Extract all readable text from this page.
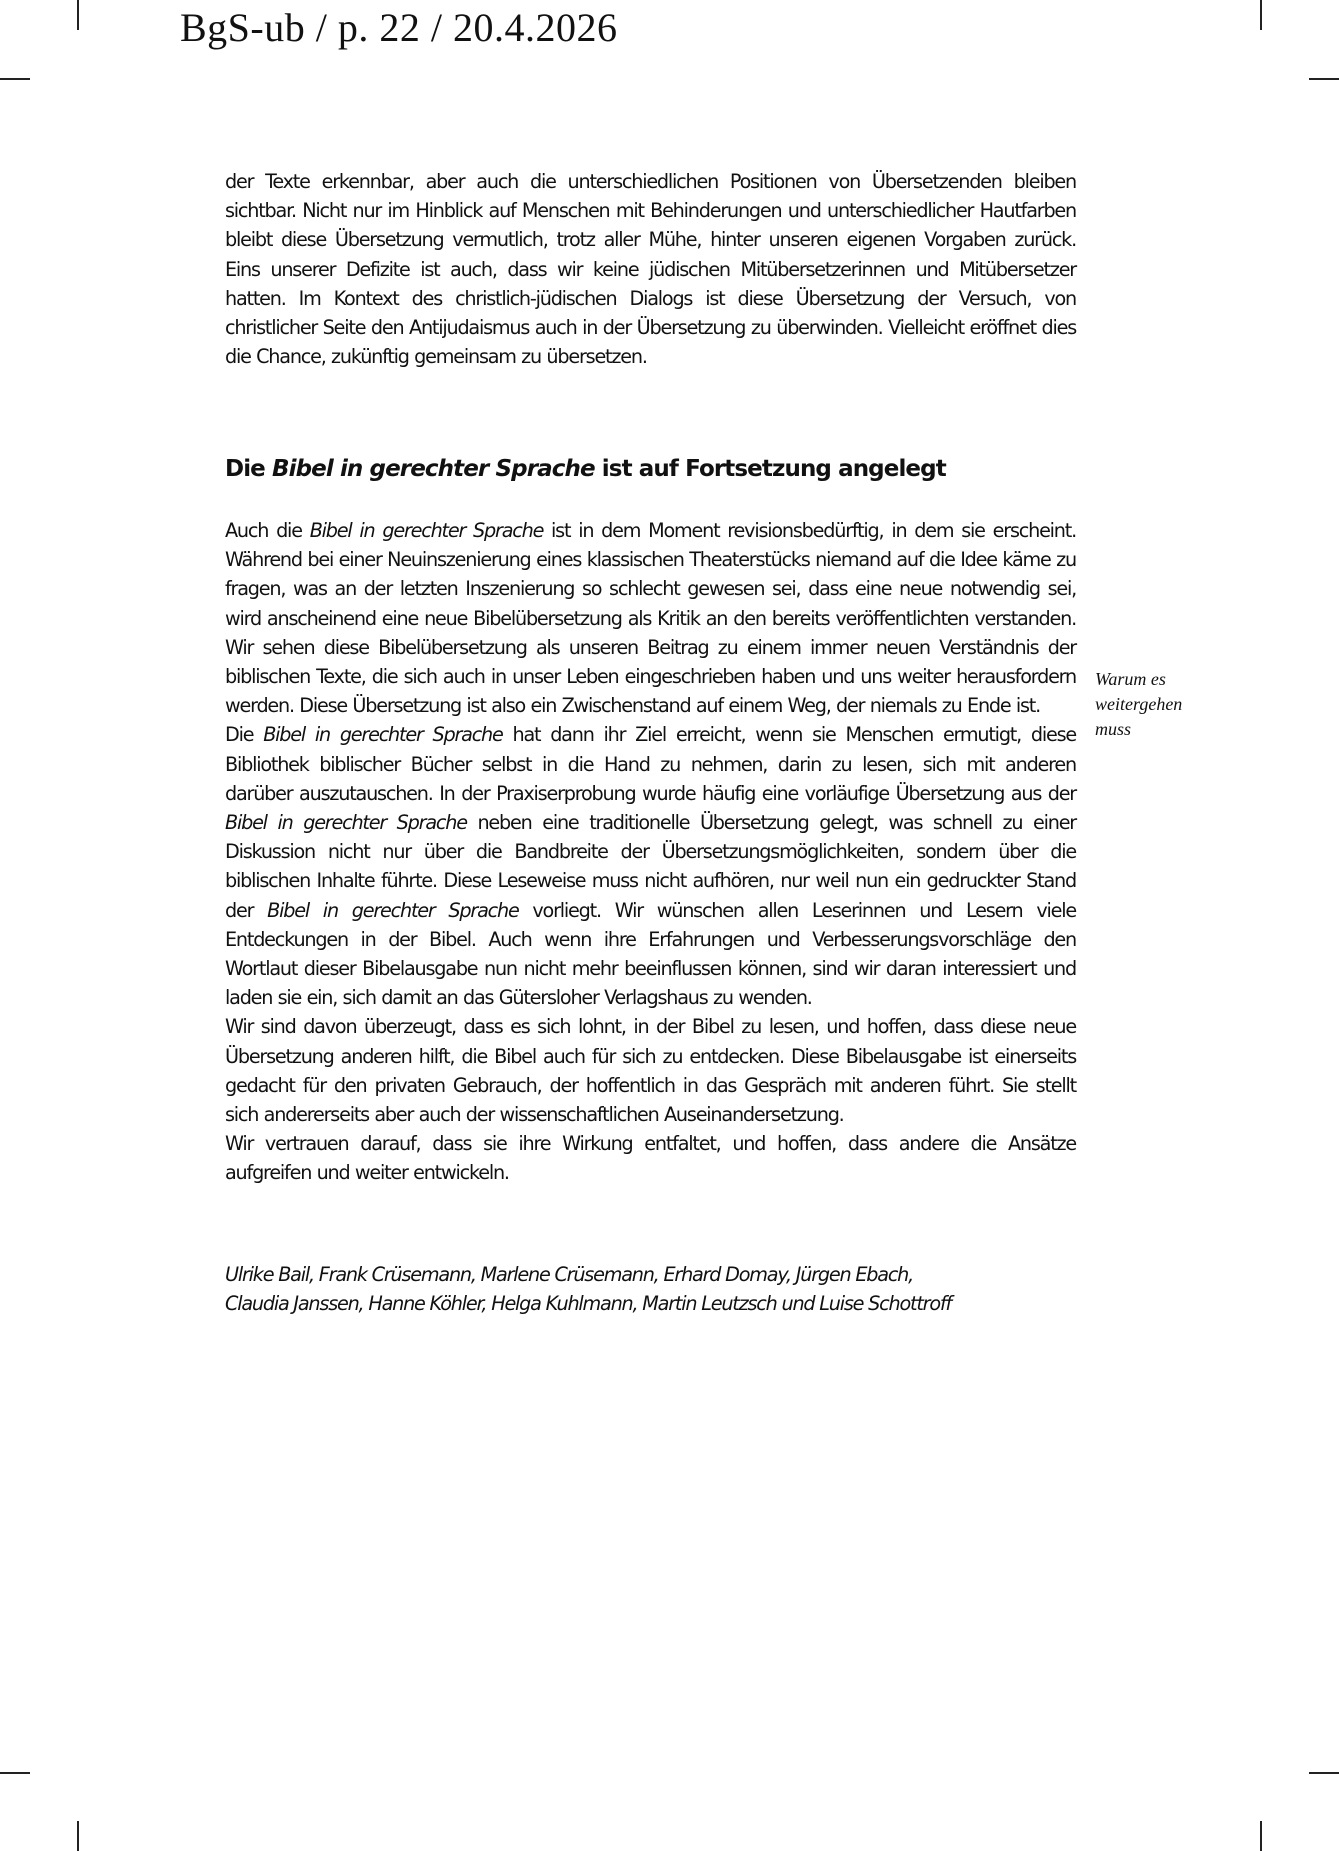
BgS-ub / p. 22 / 20.4.2026

der Texte erkennbar, aber auch die unterschiedlichen Positionen von Übersetzenden bleiben sichtbar. Nicht nur im Hinblick auf Menschen mit Behinderungen und unterschiedlicher Hautfarben bleibt diese Übersetzung vermutlich, trotz aller Mühe, hinter unseren eigenen Vorgaben zurück. Eins unserer Defizite ist auch, dass wir keine jüdischen Mitübersetzerinnen und Mitübersetzer hatten. Im Kontext des christlich-jüdischen Dialogs ist diese Übersetzung der Versuch, von christlicher Seite den Antijudaismus auch in der Übersetzung zu überwinden. Vielleicht eröffnet dies die Chance, zukünftig gemeinsam zu übersetzen.

Die Bibel in gerechter Sprache ist auf Fortsetzung angelegt

Auch die Bibel in gerechter Sprache ist in dem Moment revisionsbedürftig, in dem sie erscheint. Während bei einer Neuinszenierung eines klassischen Theaterstücks niemand auf die Idee käme zu fragen, was an der letzten Inszenierung so schlecht gewesen sei, dass eine neue notwendig sei, wird anscheinend eine neue Bibelübersetzung als Kritik an den bereits veröffentlichten verstanden. Wir sehen diese Bibelübersetzung als unseren Beitrag zu einem immer neuen Verständnis der biblischen Texte, die sich auch in unser Leben eingeschrieben haben und uns weiter herausfordern werden. Diese Übersetzung ist also ein Zwischenstand auf einem Weg, der niemals zu Ende ist.

Die Bibel in gerechter Sprache hat dann ihr Ziel erreicht, wenn sie Menschen ermutigt, diese Bibliothek biblischer Bücher selbst in die Hand zu nehmen, darin zu lesen, sich mit anderen darüber auszutauschen. In der Praxiserprobung wurde häufig eine vorläufige Übersetzung aus der Bibel in gerechter Sprache neben eine traditionelle Übersetzung gelegt, was schnell zu einer Diskussion nicht nur über die Bandbreite der Übersetzungsmöglichkeiten, sondern über die biblischen Inhalte führte. Diese Leseweise muss nicht aufhören, nur weil nun ein gedruckter Stand der Bibel in gerechter Sprache vorliegt. Wir wünschen allen Leserinnen und Lesern viele Entdeckungen in der Bibel. Auch wenn ihre Erfahrungen und Verbesserungsvorschläge den Wortlaut dieser Bibelausgabe nun nicht mehr beeinflussen können, sind wir daran interessiert und laden sie ein, sich damit an das Gütersloher Verlagshaus zu wenden.

Wir sind davon überzeugt, dass es sich lohnt, in der Bibel zu lesen, und hoffen, dass diese neue Übersetzung anderen hilft, die Bibel auch für sich zu entdecken. Diese Bibelausgabe ist einerseits gedacht für den privaten Gebrauch, der hoffentlich in das Gespräch mit anderen führt. Sie stellt sich andererseits aber auch der wissenschaftlichen Auseinandersetzung.

Wir vertrauen darauf, dass sie ihre Wirkung entfaltet, und hoffen, dass andere die Ansätze aufgreifen und weiter entwickeln.

Warum es
weitergehen
muss
Ulrike Bail, Frank Crüsemann, Marlene Crüsemann, Erhard Domay, Jürgen Ebach,
Claudia Janssen, Hanne Köhler, Helga Kuhlmann, Martin Leutzsch und Luise Schottroff
